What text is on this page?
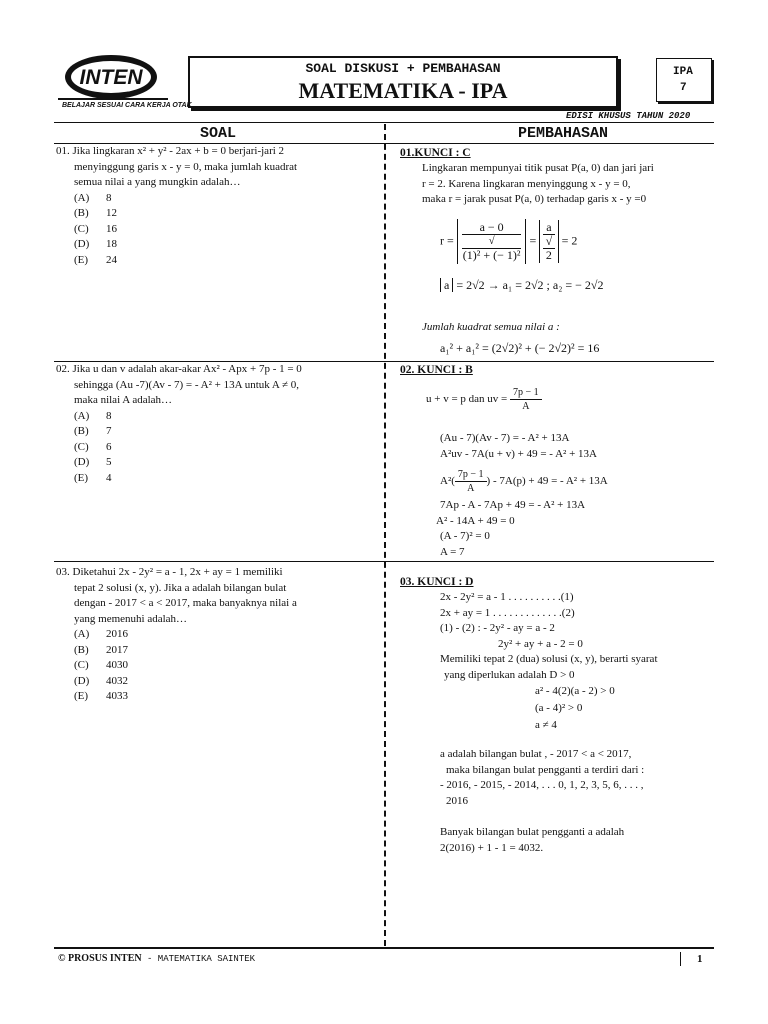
INTEN
BELAJAR SESUAI CARA KERJA OTAK
SOAL DISKUSI + PEMBAHASAN
MATEMATIKA - IPA
IPA
7
EDISI KHUSUS TAHUN 2020
SOAL	PEMBAHASAN
01. Jika lingkaran x² + y² - 2ax + b = 0 berjari-jari 2
menyinggung garis x - y = 0, maka jumlah kuadrat
semua nilai a yang mungkin adalah…
(A) 8
(B) 12
(C) 16
(D) 18
(E) 24
01.KUNCI : C
Lingkaran mempunyai titik pusat P(a, 0) dan jari jari
r = 2. Karena lingkaran menyinggung x - y = 0,
maka r = jarak pusat P(a, 0) terhadap garis x - y =0
r = a − 0
√
(1)² + (− 1)² = a
√
2 = 2
a = 2√2 → a₁ = 2√2 ; a₂ = − 2√2
Jumlah kuadrat semua nilai a :
a₁² + a₁² = (2√2)² + (− 2√2)² = 16
02. Jika u dan v adalah akar-akar Ax² - Apx + 7p - 1 = 0
sehingga (Au -7)(Av - 7) = - A² + 13A untuk A ≠ 0,
maka nilai A adalah…
(A) 8
(B) 7
(C) 6
(D) 5
(E) 4
02. KUNCI : B
u + v = p dan uv = $\frac{7p - 1}{A}$
(Au - 7)(Av - 7) = - A² + 13A
A²uv - 7A(u + v) + 49 = - A² + 13A
$A^2( \frac{7p - 1}{A}$ ) - 7A(p) + 49 = - A² + 13A
7Ap - A - 7Ap + 49 = - A² + 13A
A² - 14A + 49 = 0
(A - 7)² = 0
A = 7
03. Diketahui 2x - 2y² = a - 1, 2x + ay = 1 memiliki
tepat 2 solusi (x, y). Jika a adalah bilangan bulat
dengan - 2017 < a < 2017, maka banyaknya nilai a
yang memenuhi adalah…
(A) 2016
(B) 2017
(C) 4030
(D) 4032
(E) 4033
03. KUNCI : D
2x - 2y² = a - 1 . . . . . . . . . .(1)
2x + ay = 1 . . . . . . . . . . . . .(2)
(1) - (2) : - 2y² - ay = a - 2
2y² + ay + a - 2 = 0
Memiliki tepat 2 (dua) solusi (x, y), berarti syarat
yang diperlukan adalah D > 0
a² - 4(2)(a - 2) > 0
(a - 4)² > 0
a ≠ 4
a adalah bilangan bulat , - 2017 < a < 2017,
maka bilangan bulat pengganti a terdiri dari :
- 2016, - 2015, - 2014, . . . 0, 1, 2, 3, 5, 6, . . . ,
2016
Banyak bilangan bulat pengganti a adalah
2(2016) + 1 - 1 = 4032.
© PROSUS INTEN - MATEMATIKA SAINTEK	1
